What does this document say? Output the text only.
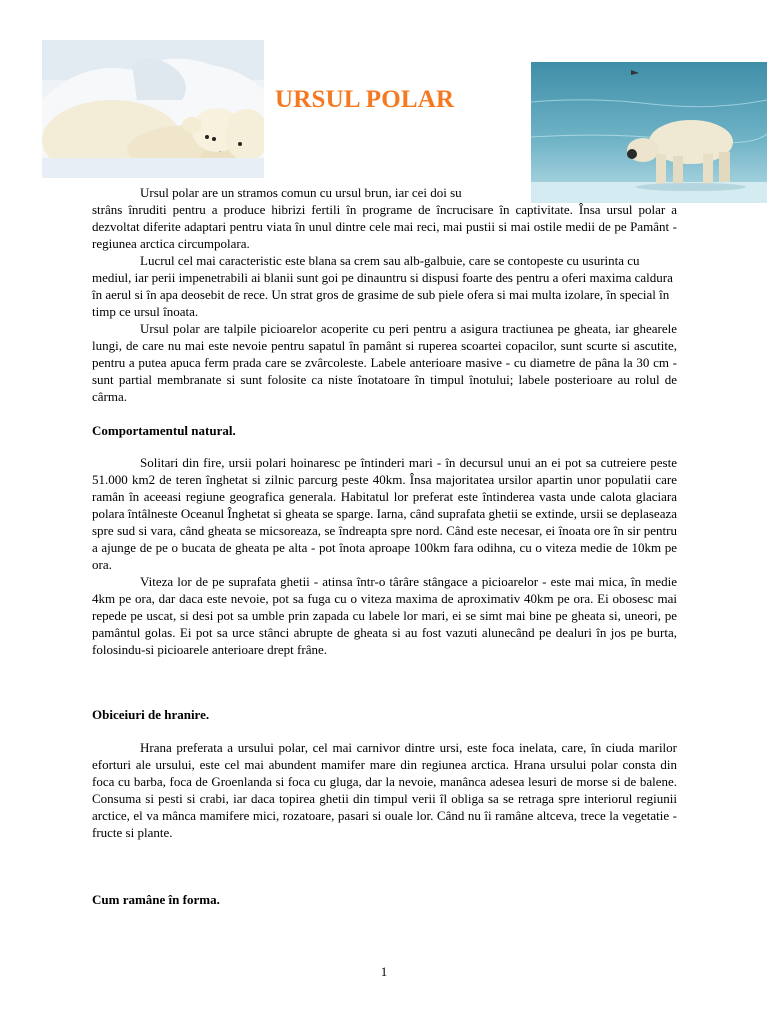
URSUL POLAR

Ursul polar are un stramos comun cu ursul brun, iar cei doi su

strâns înruditi pentru a produce hibrizi fertili în programe de încrucisare în captivitate. Însa ursul polar a dezvoltat diferite adaptari pentru viata în unul dintre cele mai reci, mai pustii si mai ostile medii de pe Pamânt - regiunea arctica circumpolara.

Lucrul cel mai caracteristic este blana sa crem sau alb-galbuie, care se contopeste cu usurinta cu mediul, iar perii impenetrabili ai blanii sunt goi pe dinauntru si dispusi foarte des pentru a oferi maxima caldura în aerul si în apa deosebit de rece. Un strat gros de grasime de sub piele ofera si mai multa izolare, în special în timp ce ursul înoata.

Ursul polar are talpile picioarelor acoperite cu peri pentru a asigura tractiunea pe gheata, iar ghearele lungi, de care nu mai este nevoie pentru sapatul în pamânt si ruperea scoartei copacilor, sunt scurte si ascutite, pentru a putea apuca ferm prada care se zvârcoleste. Labele anterioare masive - cu diametre de pâna la 30 cm - sunt partial membranate si sunt folosite ca niste înotatoare în timpul înotului; labele posterioare au rolul de cârma.

Comportamentul natural.

Solitari din fire, ursii polari hoinaresc pe întinderi mari - în decursul unui an ei pot sa cutreiere peste 51.000 km2 de teren înghetat si zilnic parcurg peste 40km. Însa majoritatea ursilor apartin unor populatii care ramân în aceeasi regiune geografica generala. Habitatul lor preferat este întinderea vasta unde calota glaciara polara întâlneste Oceanul Înghetat si gheata se sparge. Iarna, când suprafata ghetii se extinde, ursii se deplaseaza spre sud si vara, când gheata se micsoreaza, se îndreapta spre nord. Când este necesar, ei înoata ore în sir pentru a ajunge de pe o bucata de gheata pe alta - pot înota aproape 100km fara odihna, cu o viteza medie de 10km pe ora.

Viteza lor de pe suprafata ghetii - atinsa într-o târâre stângace a picioarelor - este mai mica, în medie 4km pe ora, dar daca este nevoie, pot sa fuga cu o viteza maxima de aproximativ 40km pe ora. Ei obosesc mai repede pe uscat, si desi pot sa umble prin zapada cu labele lor mari, ei se simt mai bine pe gheata si, uneori, pe pamântul golas. Ei pot sa urce stânci abrupte de gheata si au fost vazuti alunecând pe dealuri în jos pe burta, folosindu-si picioarele anterioare drept frâne.

Obiceiuri de hranire.

Hrana preferata a ursului polar, cel mai carnivor dintre ursi, este foca inelata, care, în ciuda marilor eforturi ale ursului, este cel mai abundent mamifer mare din regiunea arctica. Hrana ursului polar consta din foca cu barba, foca de Groenlanda si foca cu gluga, dar la nevoie, manânca adesea lesuri de morse si de balene. Consuma si pesti si crabi, iar daca topirea ghetii din timpul verii îl obliga sa se retraga spre interiorul regiunii arctice, el va mânca mamifere mici, rozatoare, pasari si ouale lor. Când nu îi ramâne altceva, trece la vegetatie - fructe si plante.

Cum ramâne în forma.

1
